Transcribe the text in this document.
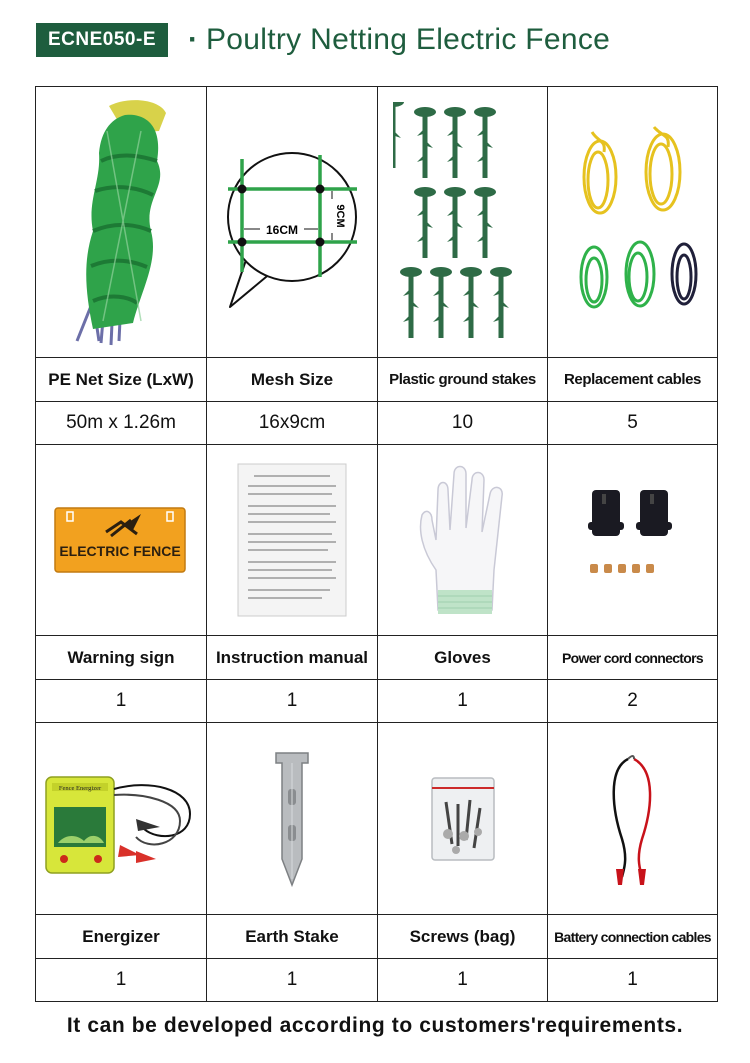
ECNE050-E	· Poultry Netting Electric Fence

16CM
9CM

PE Net Size (LxW)	Mesh Size	Plastic ground stakes	Replacement cables
50m x 1.26m	16x9cm	10	5

ELECTRIC FENCE

Warning sign	Instruction manual	Gloves	Power cord connectors
1	1	1	2

Fence Energizer

Energizer	Earth Stake	Screws (bag)	Battery connection cables
1	1	1	1
It can be developed according to customers'requirements.
